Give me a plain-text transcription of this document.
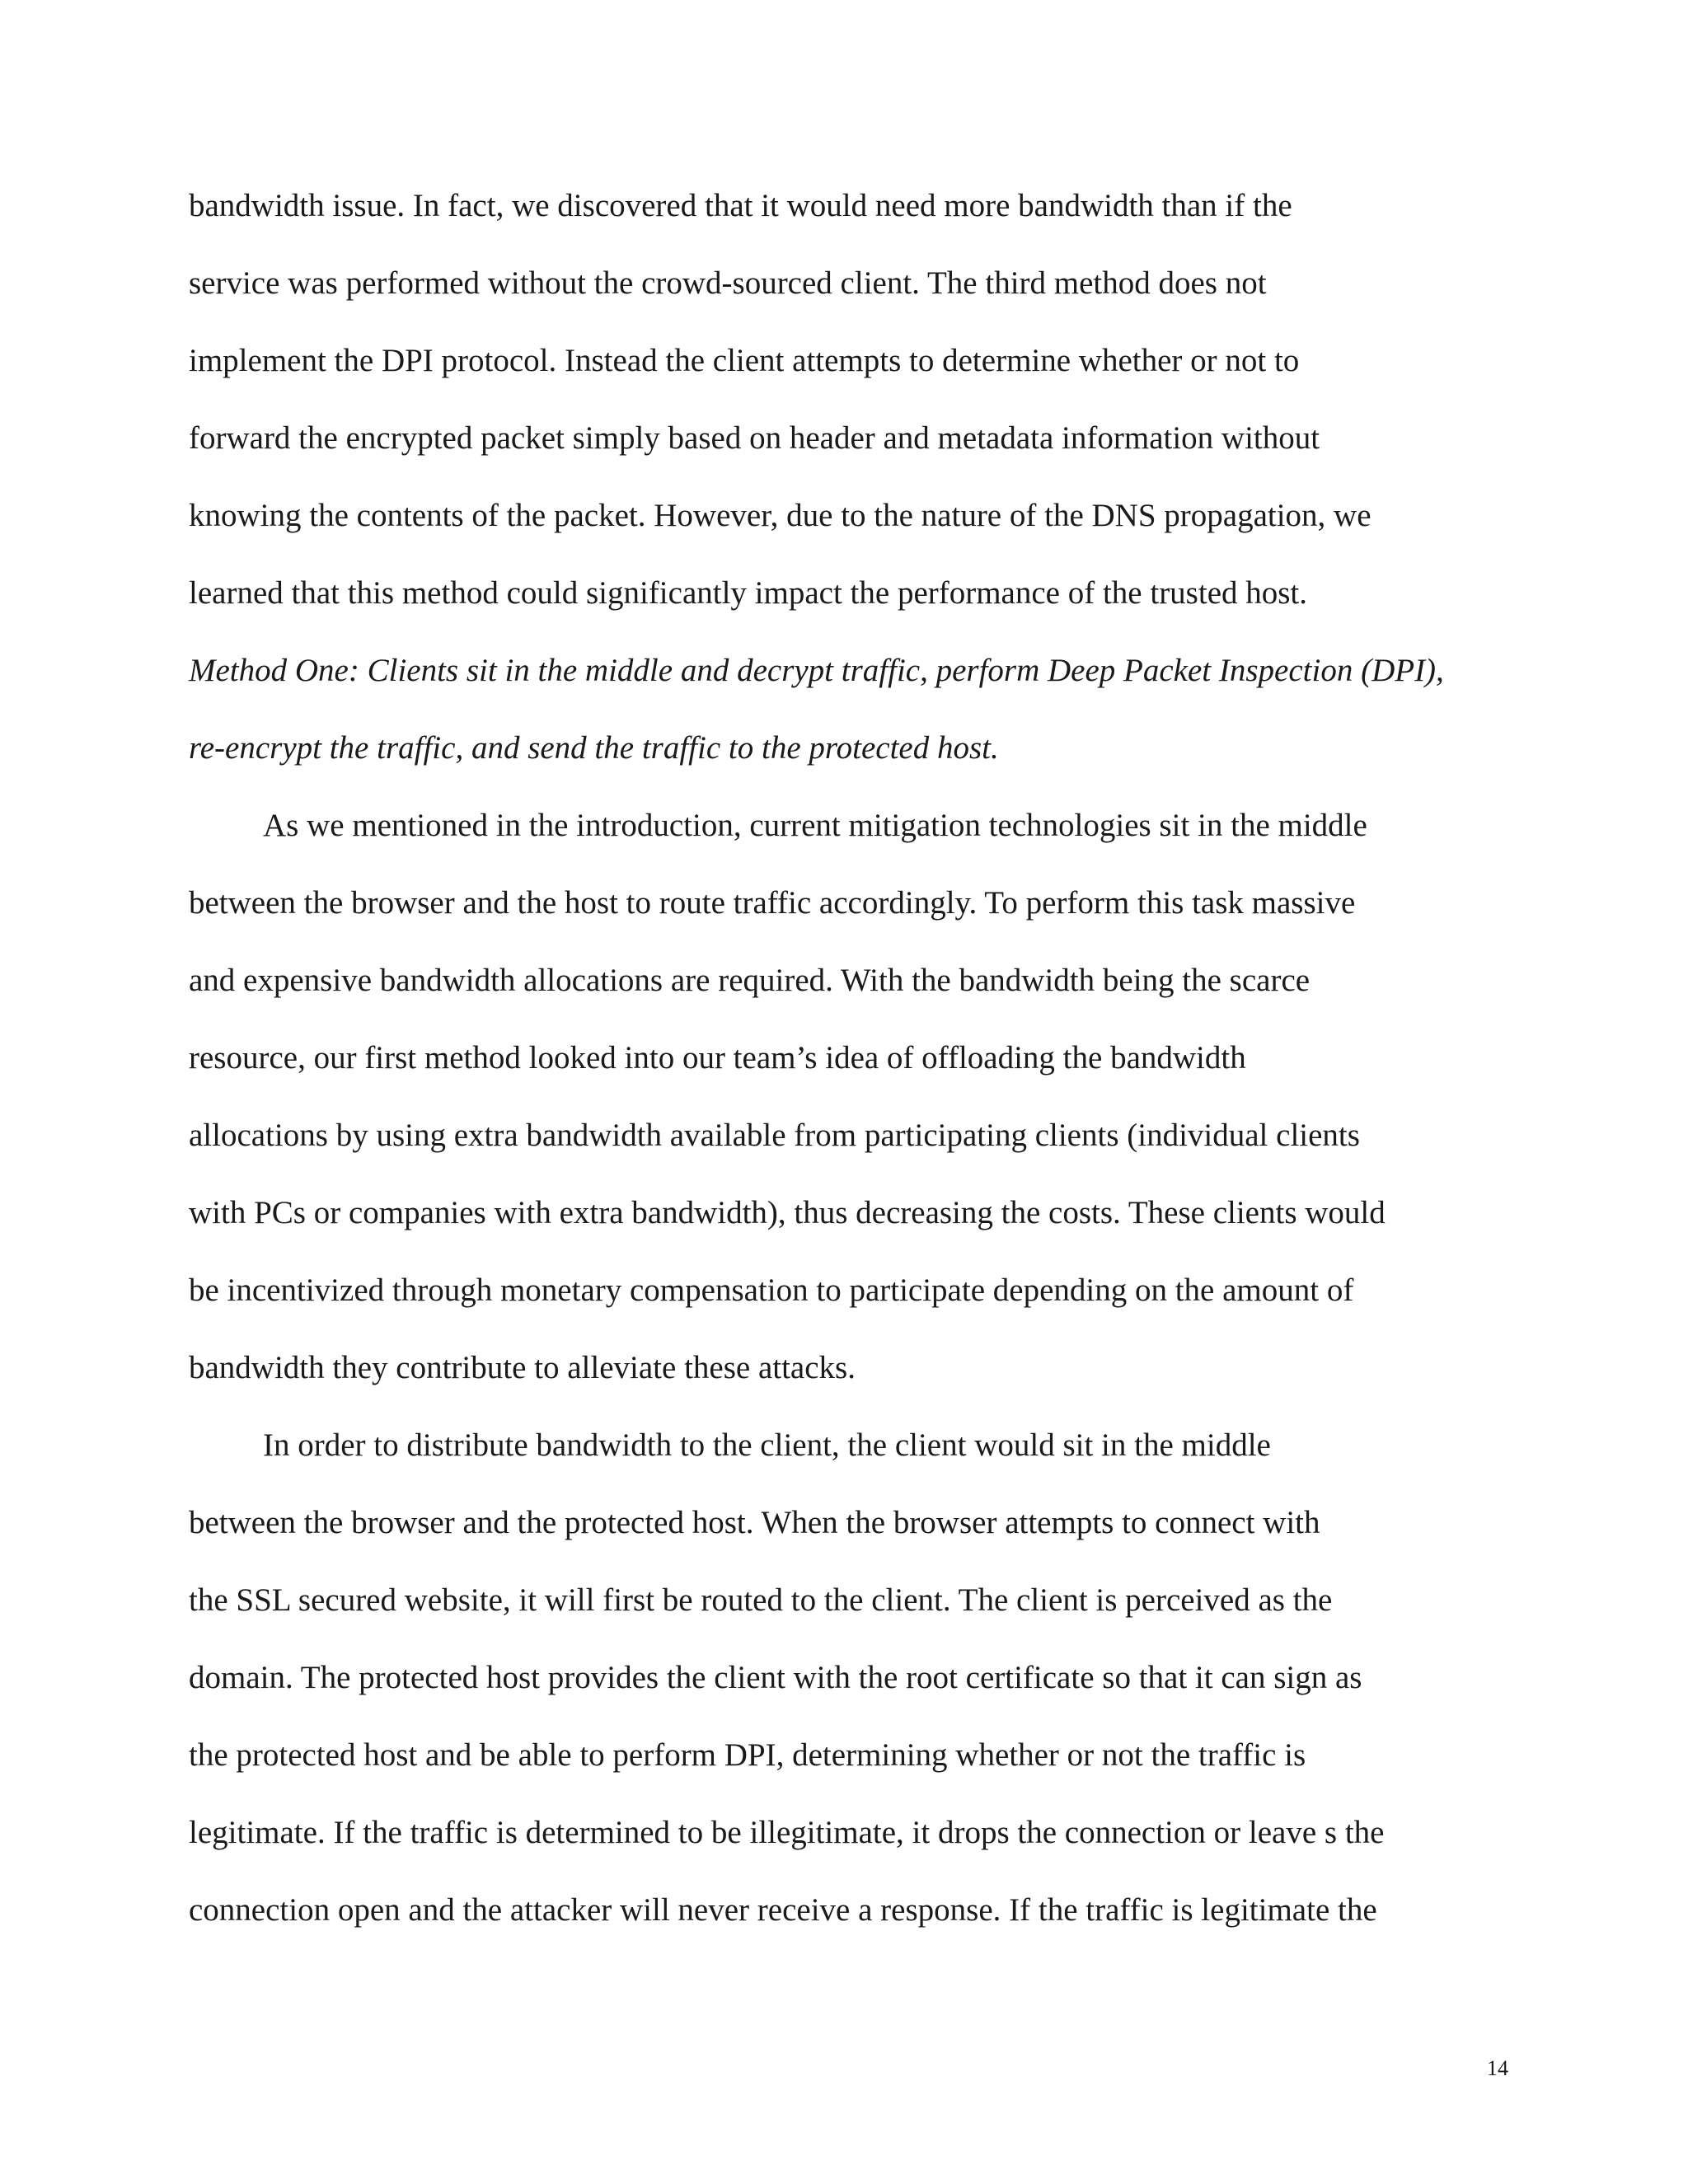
bandwidth issue. In fact, we discovered that it would need more bandwidth than if the
service was performed without the crowd-sourced client. The third method does not
implement the DPI protocol. Instead the client attempts to determine whether or not to
forward the encrypted packet simply based on header and metadata information without
knowing the contents of the packet. However, due to the nature of the DNS propagation, we
learned that this method could significantly impact the performance of the trusted host.
Method One: Clients sit in the middle and decrypt traffic, perform Deep Packet Inspection (DPI),
re-encrypt the traffic, and send the traffic to the protected host.
As we mentioned in the introduction, current mitigation technologies sit in the middle
between the browser and the host to route traffic accordingly. To perform this task massive
and expensive bandwidth allocations are required. With the bandwidth being the scarce
resource, our first method looked into our team’s idea of offloading the bandwidth
allocations by using extra bandwidth available from participating clients (individual clients
with PCs or companies with extra bandwidth), thus decreasing the costs. These clients would
be incentivized through monetary compensation to participate depending on the amount of
bandwidth they contribute to alleviate these attacks.
In order to distribute bandwidth to the client, the client would sit in the middle
between the browser and the protected host. When the browser attempts to connect with
the SSL secured website, it will first be routed to the client. The client is perceived as the
domain. The protected host provides the client with the root certificate so that it can sign as
the protected host and be able to perform DPI, determining whether or not the traffic is
legitimate. If the traffic is determined to be illegitimate, it drops the connection or leave s the
connection open and the attacker will never receive a response. If the traffic is legitimate the
14
